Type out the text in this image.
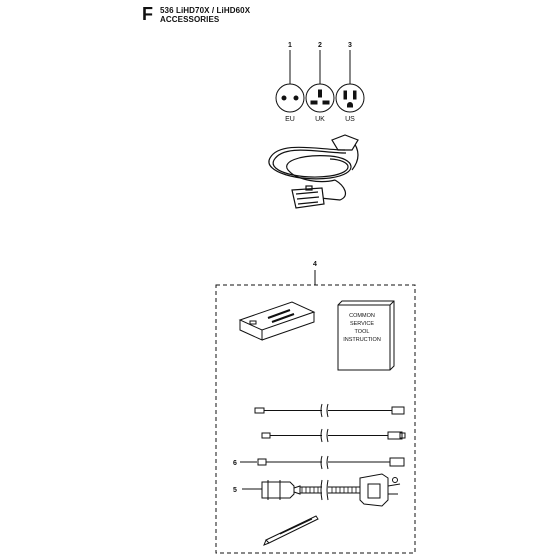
F 536 LiHD70X / LiHD60X
ACCESSORIES
1	2	3
EU	UK	US
4
COMMON
SERVICE
TOOL
INSTRUCTION
6
5
